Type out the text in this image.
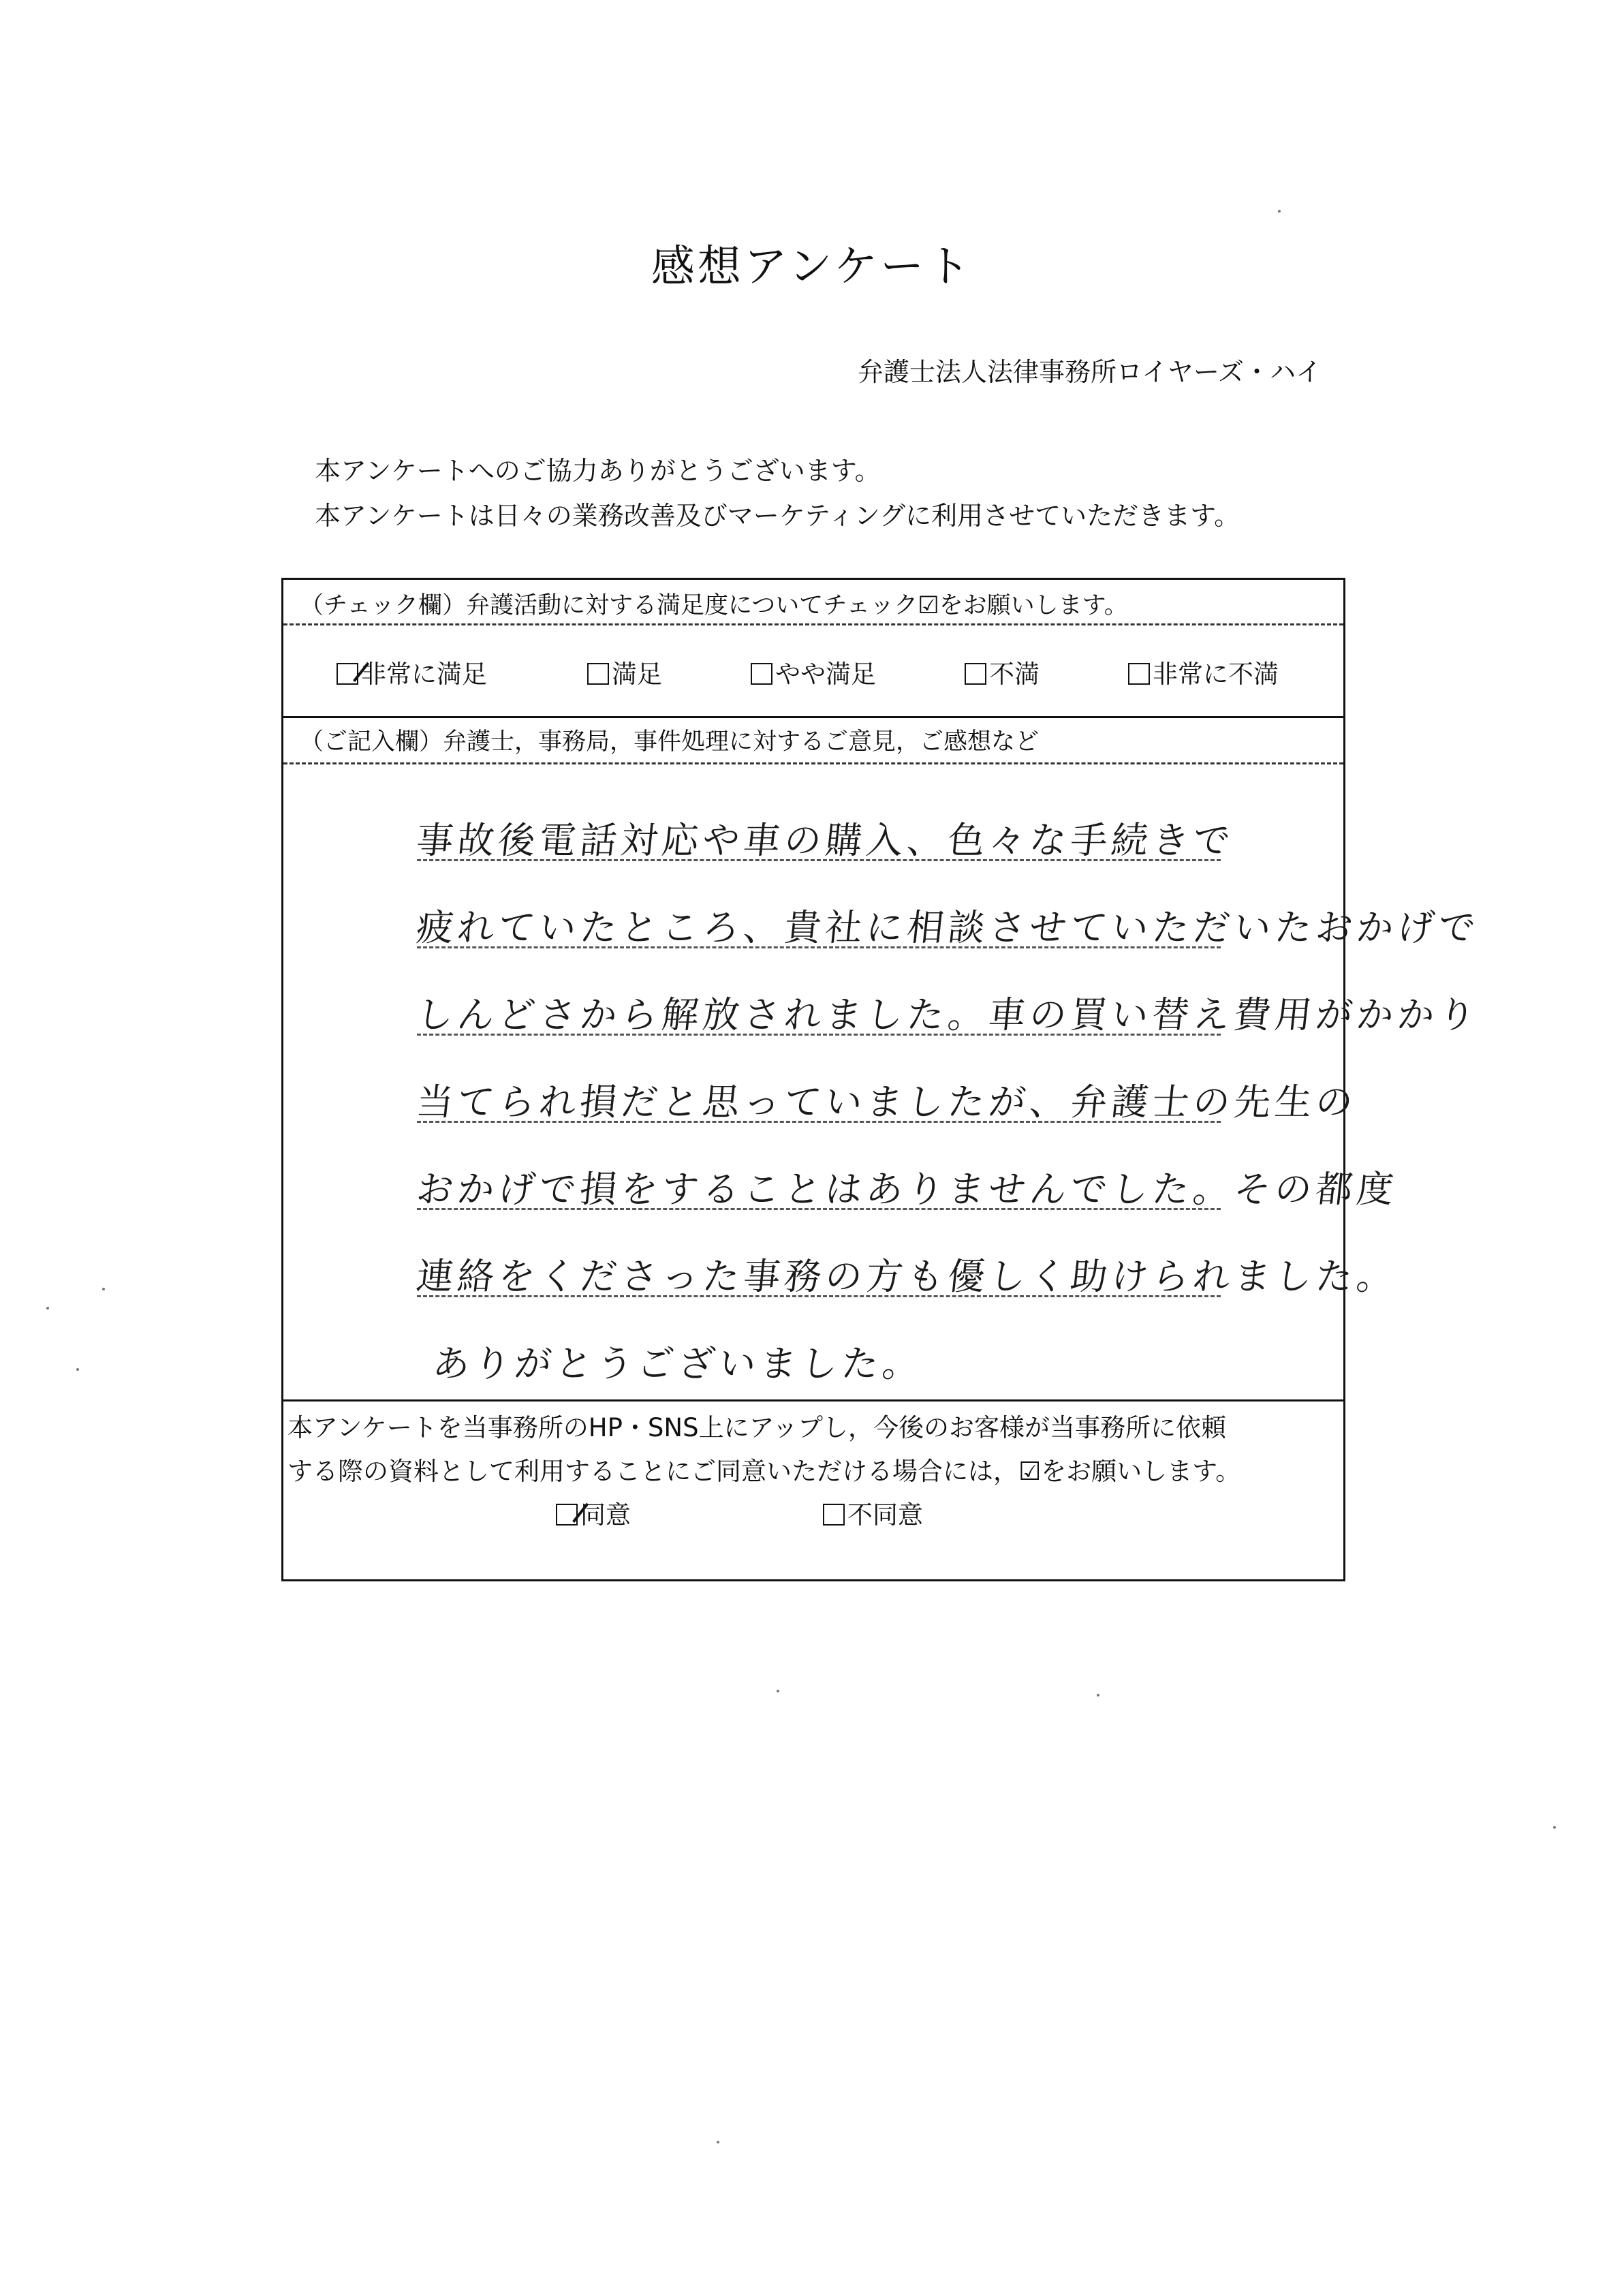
感想アンケート
弁護士法人法律事務所ロイヤーズ・ハイ
本アンケートへのご協力ありがとうございます。
本アンケートは日々の業務改善及びマーケティングに利用させていただきます。
（チェック欄）弁護活動に対する満足度についてチェック☑をお願いします。
非常に満足	満足	やや満足	不満	非常に不満
（ご記入欄）弁護士，事務局，事件処理に対するご意見，ご感想など
事故後電話対応や車の購入、色々な手続きで
疲れていたところ、貴社に相談させていただいたおかげで
しんどさから解放されました。車の買い替え費用がかかり
当てられ損だと思っていましたが、弁護士の先生の
おかげで損をすることはありませんでした。その都度
連絡をくださった事務の方も優しく助けられました。
ありがとうございました。
本アンケートを当事務所のHP・SNS上にアップし，今後のお客様が当事務所に依頼
する際の資料として利用することにご同意いただける場合には，☑をお願いします。
同意	不同意
